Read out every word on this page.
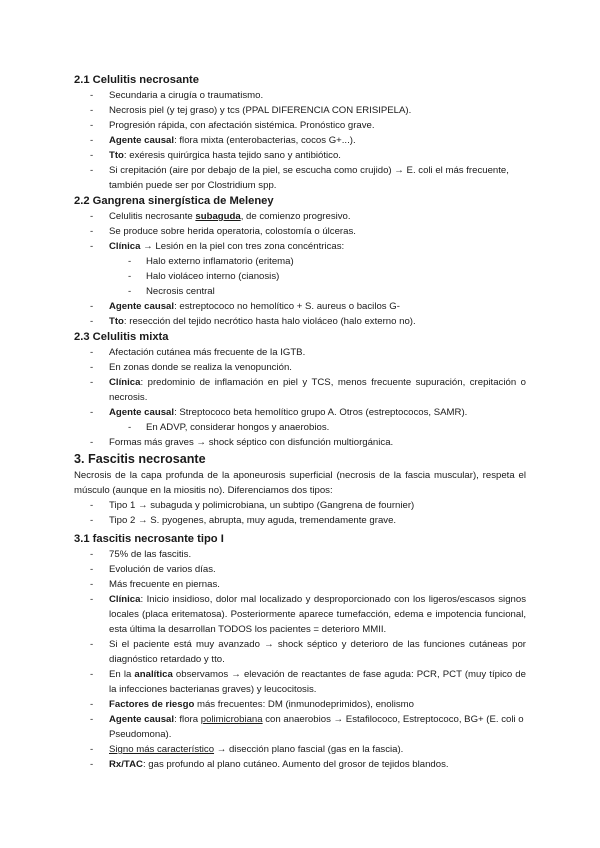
2.1 Celulitis necrosante
- Secundaria a cirugía o traumatismo.
- Necrosis piel (y tej graso) y tcs (PPAL DIFERENCIA CON ERISIPELA).
- Progresión rápida, con afectación sistémica. Pronóstico grave.
- Agente causal: flora mixta (enterobacterias, cocos G+...).
- Tto: exéresis quirúrgica hasta tejido sano y antibiótico.
- Si crepitación (aire por debajo de la piel, se escucha como crujido) → E. coli el más frecuente, también puede ser por Clostridium spp.
2.2 Gangrena sinergística de Meleney
- Celulitis necrosante subaguda, de comienzo progresivo.
- Se produce sobre herida operatoria, colostomía o úlceras.
- Clínica → Lesión en la piel con tres zona concéntricas:
- Halo externo inflamatorio (eritema)
- Halo violáceo interno (cianosis)
- Necrosis central
- Agente causal: estreptococo no hemolítico + S. aureus o bacilos G-
- Tto: resección del tejido necrótico hasta halo violáceo (halo externo no).
2.3 Celulitis mixta
- Afectación cutánea más frecuente de la IGTB.
- En zonas donde se realiza la venopunción.
- Clínica: predominio de inflamación en piel y TCS, menos frecuente supuración, crepitación o necrosis.
- Agente causal: Streptococo beta hemolítico grupo A. Otros (estreptococos, SAMR).
- En ADVP, considerar hongos y anaerobios.
- Formas más graves → shock séptico con disfunción multiorgánica.
3. Fascitis necrosante

Necrosis de la capa profunda de la aponeurosis superficial (necrosis de la fascia muscular), respeta el músculo (aunque en la miositis no). Diferenciamos dos tipos:

- Tipo 1 → subaguda y polimicrobiana, un subtipo (Gangrena de fournier)
- Tipo 2 → S. pyogenes, abrupta, muy aguda, tremendamente grave.
3.1 fascitis necrosante tipo I
- 75% de las fascitis.
- Evolución de varios días.
- Más frecuente en piernas.
- Clínica: Inicio insidioso, dolor mal localizado y desproporcionado con los ligeros/escasos signos locales (placa eritematosa). Posteriormente aparece tumefacción, edema e impotencia funcional, esta última la desarrollan TODOS los pacientes = deterioro MMII.
- Si el paciente está muy avanzado → shock séptico y deterioro de las funciones cutáneas por diagnóstico retardado y tto.
- En la analítica observamos → elevación de reactantes de fase aguda: PCR, PCT (muy típico de la infecciones bacterianas graves) y leucocitosis.
- Factores de riesgo más frecuentes: DM (inmunodeprimidos), enolismo
- Agente causal: flora polimicrobiana con anaerobios → Estafilococo, Estreptococo, BG+ (E. coli o Pseudomona).
- Signo más característico → disección plano fascial (gas en la fascia).
- Rx/TAC: gas profundo al plano cutáneo. Aumento del grosor de tejidos blandos.
